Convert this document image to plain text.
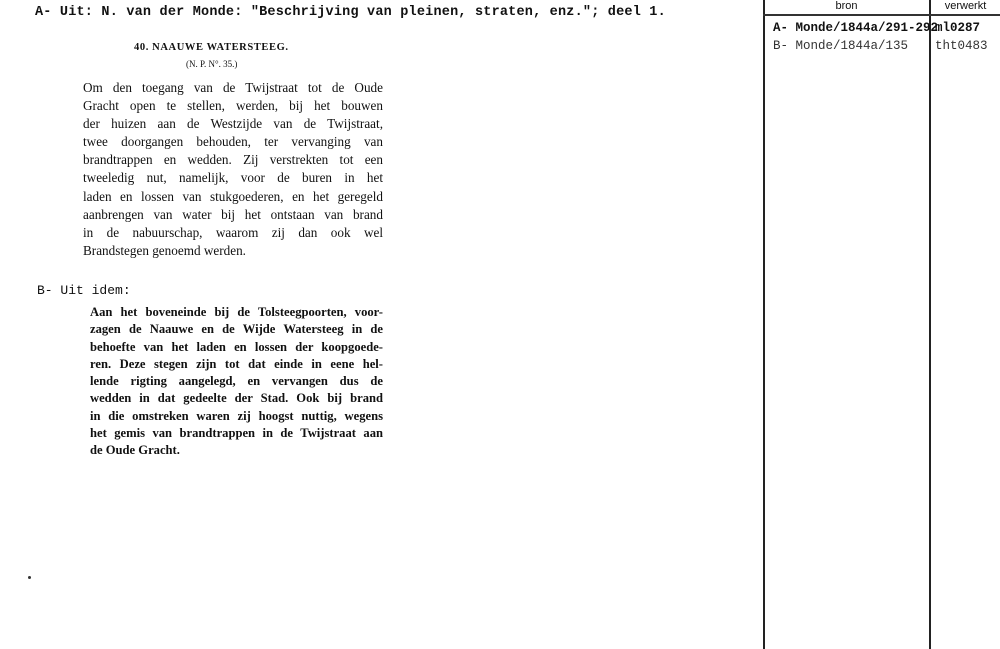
A- Uit: N. van der Monde: "Beschrijving van pleinen, straten, enz."; deel 1.
40. NAAUWE WATERSTEEG.
(N. P. N°. 35.)
Om den toegang van de Twijstraat tot de Oude
Gracht open te stellen, werden, bij het bouwen
der huizen aan de Westzijde van de Twijstraat,
twee doorgangen behouden, ter vervanging van
brandtrappen en wedden. Zij verstrekten tot een
tweeledig nut, namelijk, voor de buren in het
laden en lossen van stukgoederen, en het geregeld
aanbrengen van water bij het ontstaan van brand
in de nabuurschap, waarom zij dan ook wel
Brandstegen genoemd werden.
B- Uit idem:
Aan het boveneinde bij de Tolsteegpoorten, voor-
zagen de Naauwe en de Wijde Watersteeg in de
behoefte van het laden en lossen der koopgoede-
ren. Deze stegen zijn tot dat einde in eene hel-
lende rigting aangelegd, en vervangen dus de
wedden in dat gedeelte der Stad. Ook bij brand
in die omstreken waren zij hoogst nuttig, wegens
het gemis van brandtrappen in de Twijstraat aan
de Oude Gracht.
bron	verwerkt
A- Monde/1844a/291-292
ml0287
B- Monde/1844a/135 tht0483
